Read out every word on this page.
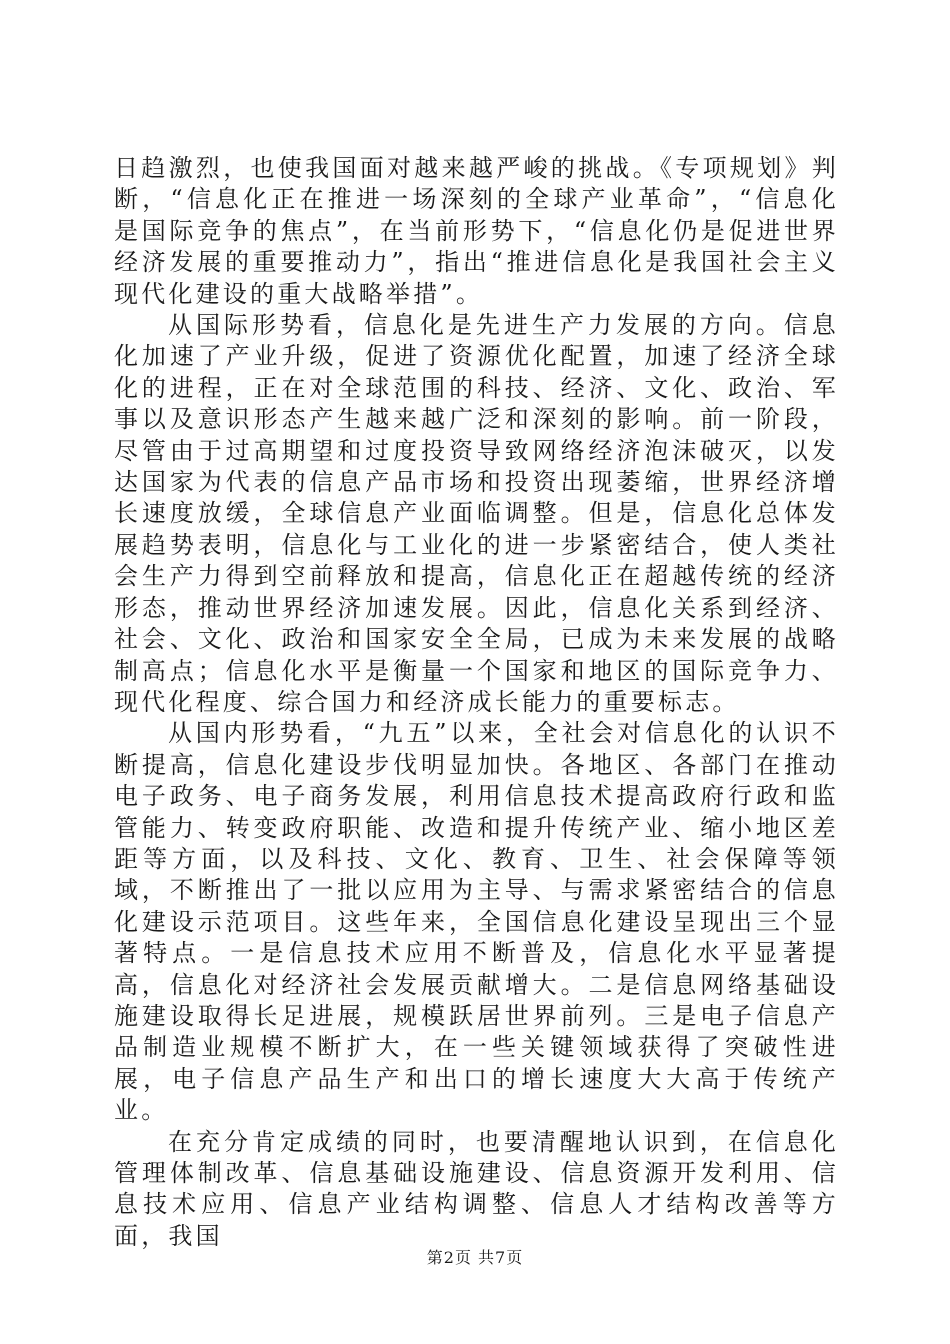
日趋激烈，也使我国面对越来越严峻的挑战。《专项规划》判断，“信息化正在推进一场深刻的全球产业革命”，“信息化是国际竞争的焦点”，在当前形势下，“信息化仍是促进世界经济发展的重要推动力”，指出“推进信息化是我国社会主义现代化建设的重大战略举措”。

从国际形势看，信息化是先进生产力发展的方向。信息化加速了产业升级，促进了资源优化配置，加速了经济全球化的进程，正在对全球范围的科技、经济、文化、政治、军事以及意识形态产生越来越广泛和深刻的影响。前一阶段，尽管由于过高期望和过度投资导致网络经济泡沫破灭，以发达国家为代表的信息产品市场和投资出现萎缩，世界经济增长速度放缓，全球信息产业面临调整。但是，信息化总体发展趋势表明，信息化与工业化的进一步紧密结合，使人类社会生产力得到空前释放和提高，信息化正在超越传统的经济形态，推动世界经济加速发展。因此，信息化关系到经济、社会、文化、政治和国家安全全局，已成为未来发展的战略制高点；信息化水平是衡量一个国家和地区的国际竞争力、现代化程度、综合国力和经济成长能力的重要标志。

从国内形势看，“九五”以来，全社会对信息化的认识不断提高，信息化建设步伐明显加快。各地区、各部门在推动电子政务、电子商务发展，利用信息技术提高政府行政和监管能力、转变政府职能、改造和提升传统产业、缩小地区差距等方面，以及科技、文化、教育、卫生、社会保障等领域，不断推出了一批以应用为主导、与需求紧密结合的信息化建设示范项目。这些年来，全国信息化建设呈现出三个显著特点。一是信息技术应用不断普及，信息化水平显著提高，信息化对经济社会发展贡献增大。二是信息网络基础设施建设取得长足进展，规模跃居世界前列。三是电子信息产品制造业规模不断扩大，在一些关键领域获得了突破性进展，电子信息产品生产和出口的增长速度大大高于传统产业。

在充分肯定成绩的同时，也要清醒地认识到，在信息化管理体制改革、信息基础设施建设、信息资源开发利用、信息技术应用、信息产业结构调整、信息人才结构改善等方面，我国

第2页 共7页
